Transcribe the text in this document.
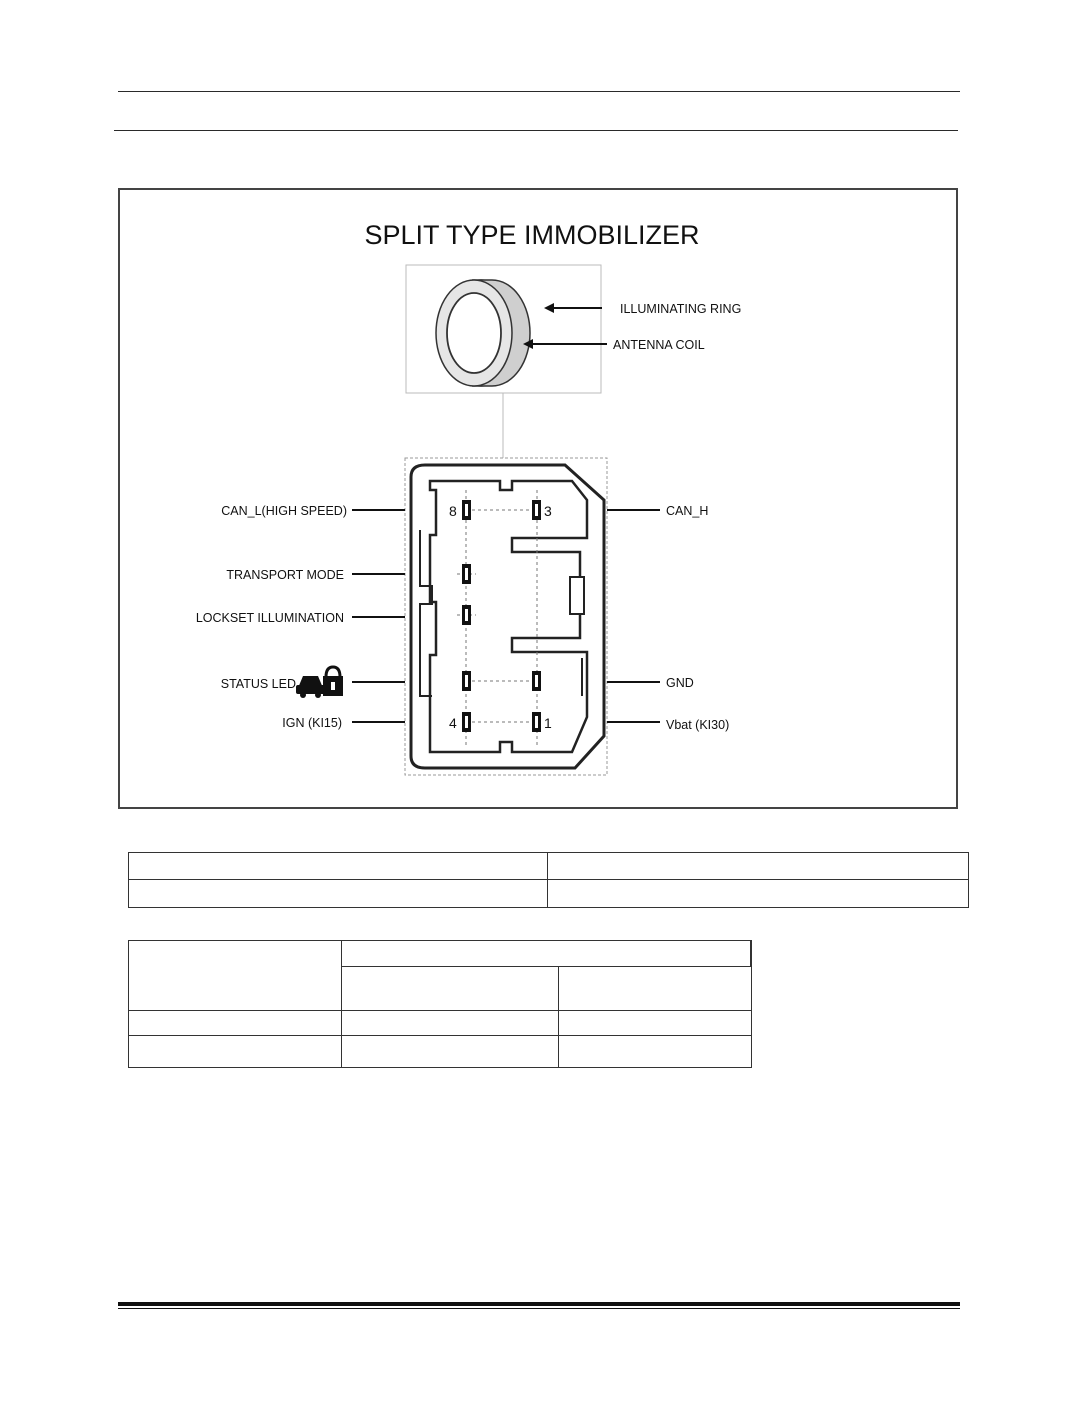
SPLIT TYPE IMMOBILIZER
ILLUMINATING RING
ANTENNA COIL
8	3
4	1
CAN_L(HIGH SPEED)
TRANSPORT MODE
LOCKSET ILLUMINATION
STATUS LED
IGN (KI15)
CAN_H
GND
Vbat (KI30)
